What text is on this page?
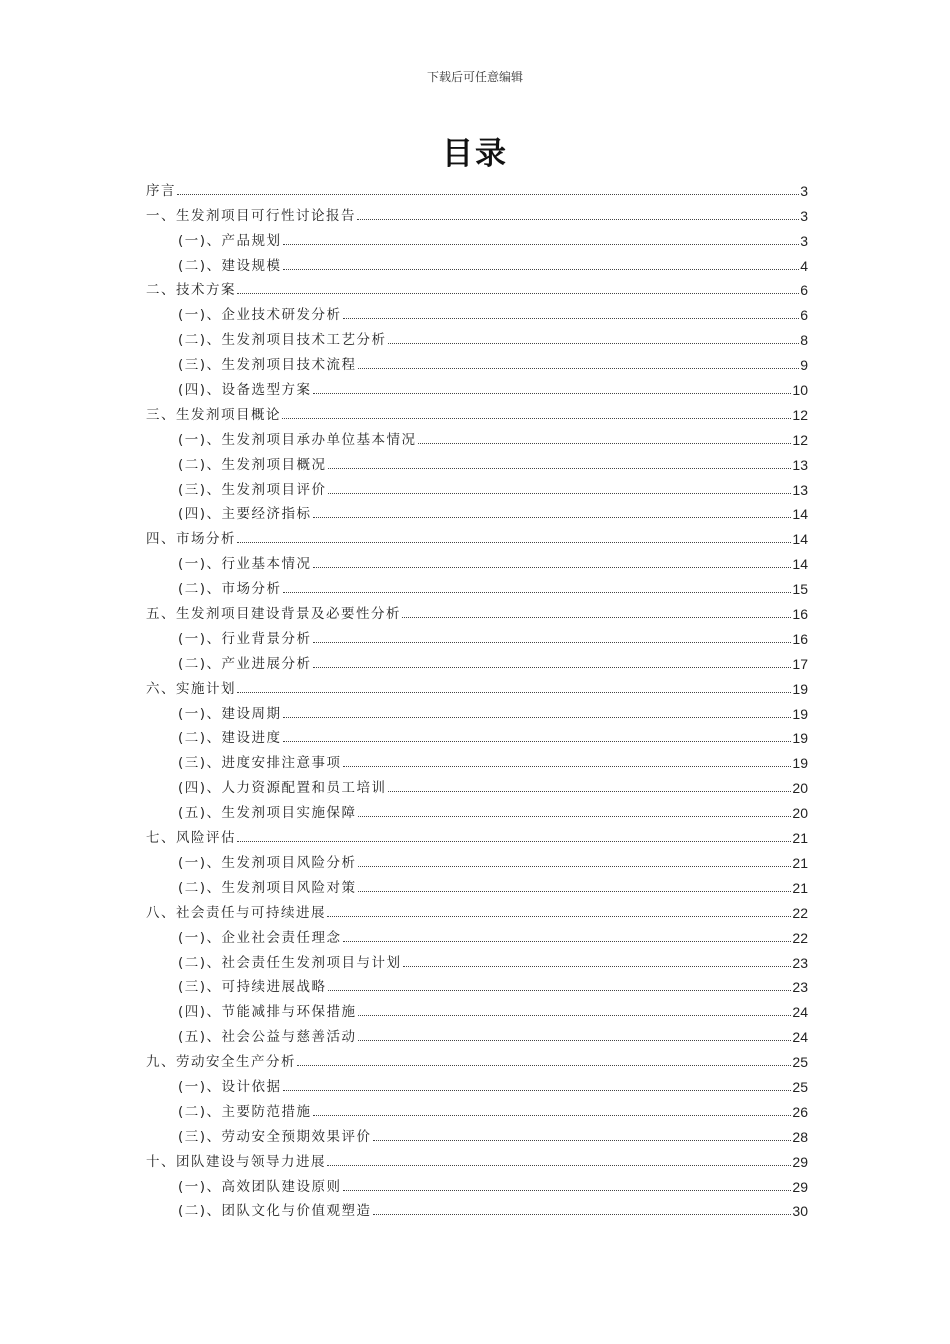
下载后可任意编辑
目录
序言	3
一、生发剂项目可行性讨论报告	3
(一)、产品规划	3
(二)、建设规模	4
二、技术方案	6
(一)、企业技术研发分析	6
(二)、生发剂项目技术工艺分析	8
(三)、生发剂项目技术流程	9
(四)、设备选型方案	10
三、生发剂项目概论	12
(一)、生发剂项目承办单位基本情况	12
(二)、生发剂项目概况	13
(三)、生发剂项目评价	13
(四)、主要经济指标	14
四、市场分析	14
(一)、行业基本情况	14
(二)、市场分析	15
五、生发剂项目建设背景及必要性分析	16
(一)、行业背景分析	16
(二)、产业进展分析	17
六、实施计划	19
(一)、建设周期	19
(二)、建设进度	19
(三)、进度安排注意事项	19
(四)、人力资源配置和员工培训	20
(五)、生发剂项目实施保障	20
七、风险评估	21
(一)、生发剂项目风险分析	21
(二)、生发剂项目风险对策	21
八、社会责任与可持续进展	22
(一)、企业社会责任理念	22
(二)、社会责任生发剂项目与计划	23
(三)、可持续进展战略	23
(四)、节能减排与环保措施	24
(五)、社会公益与慈善活动	24
九、劳动安全生产分析	25
(一)、设计依据	25
(二)、主要防范措施	26
(三)、劳动安全预期效果评价	28
十、团队建设与领导力进展	29
(一)、高效团队建设原则	29
(二)、团队文化与价值观塑造	30
